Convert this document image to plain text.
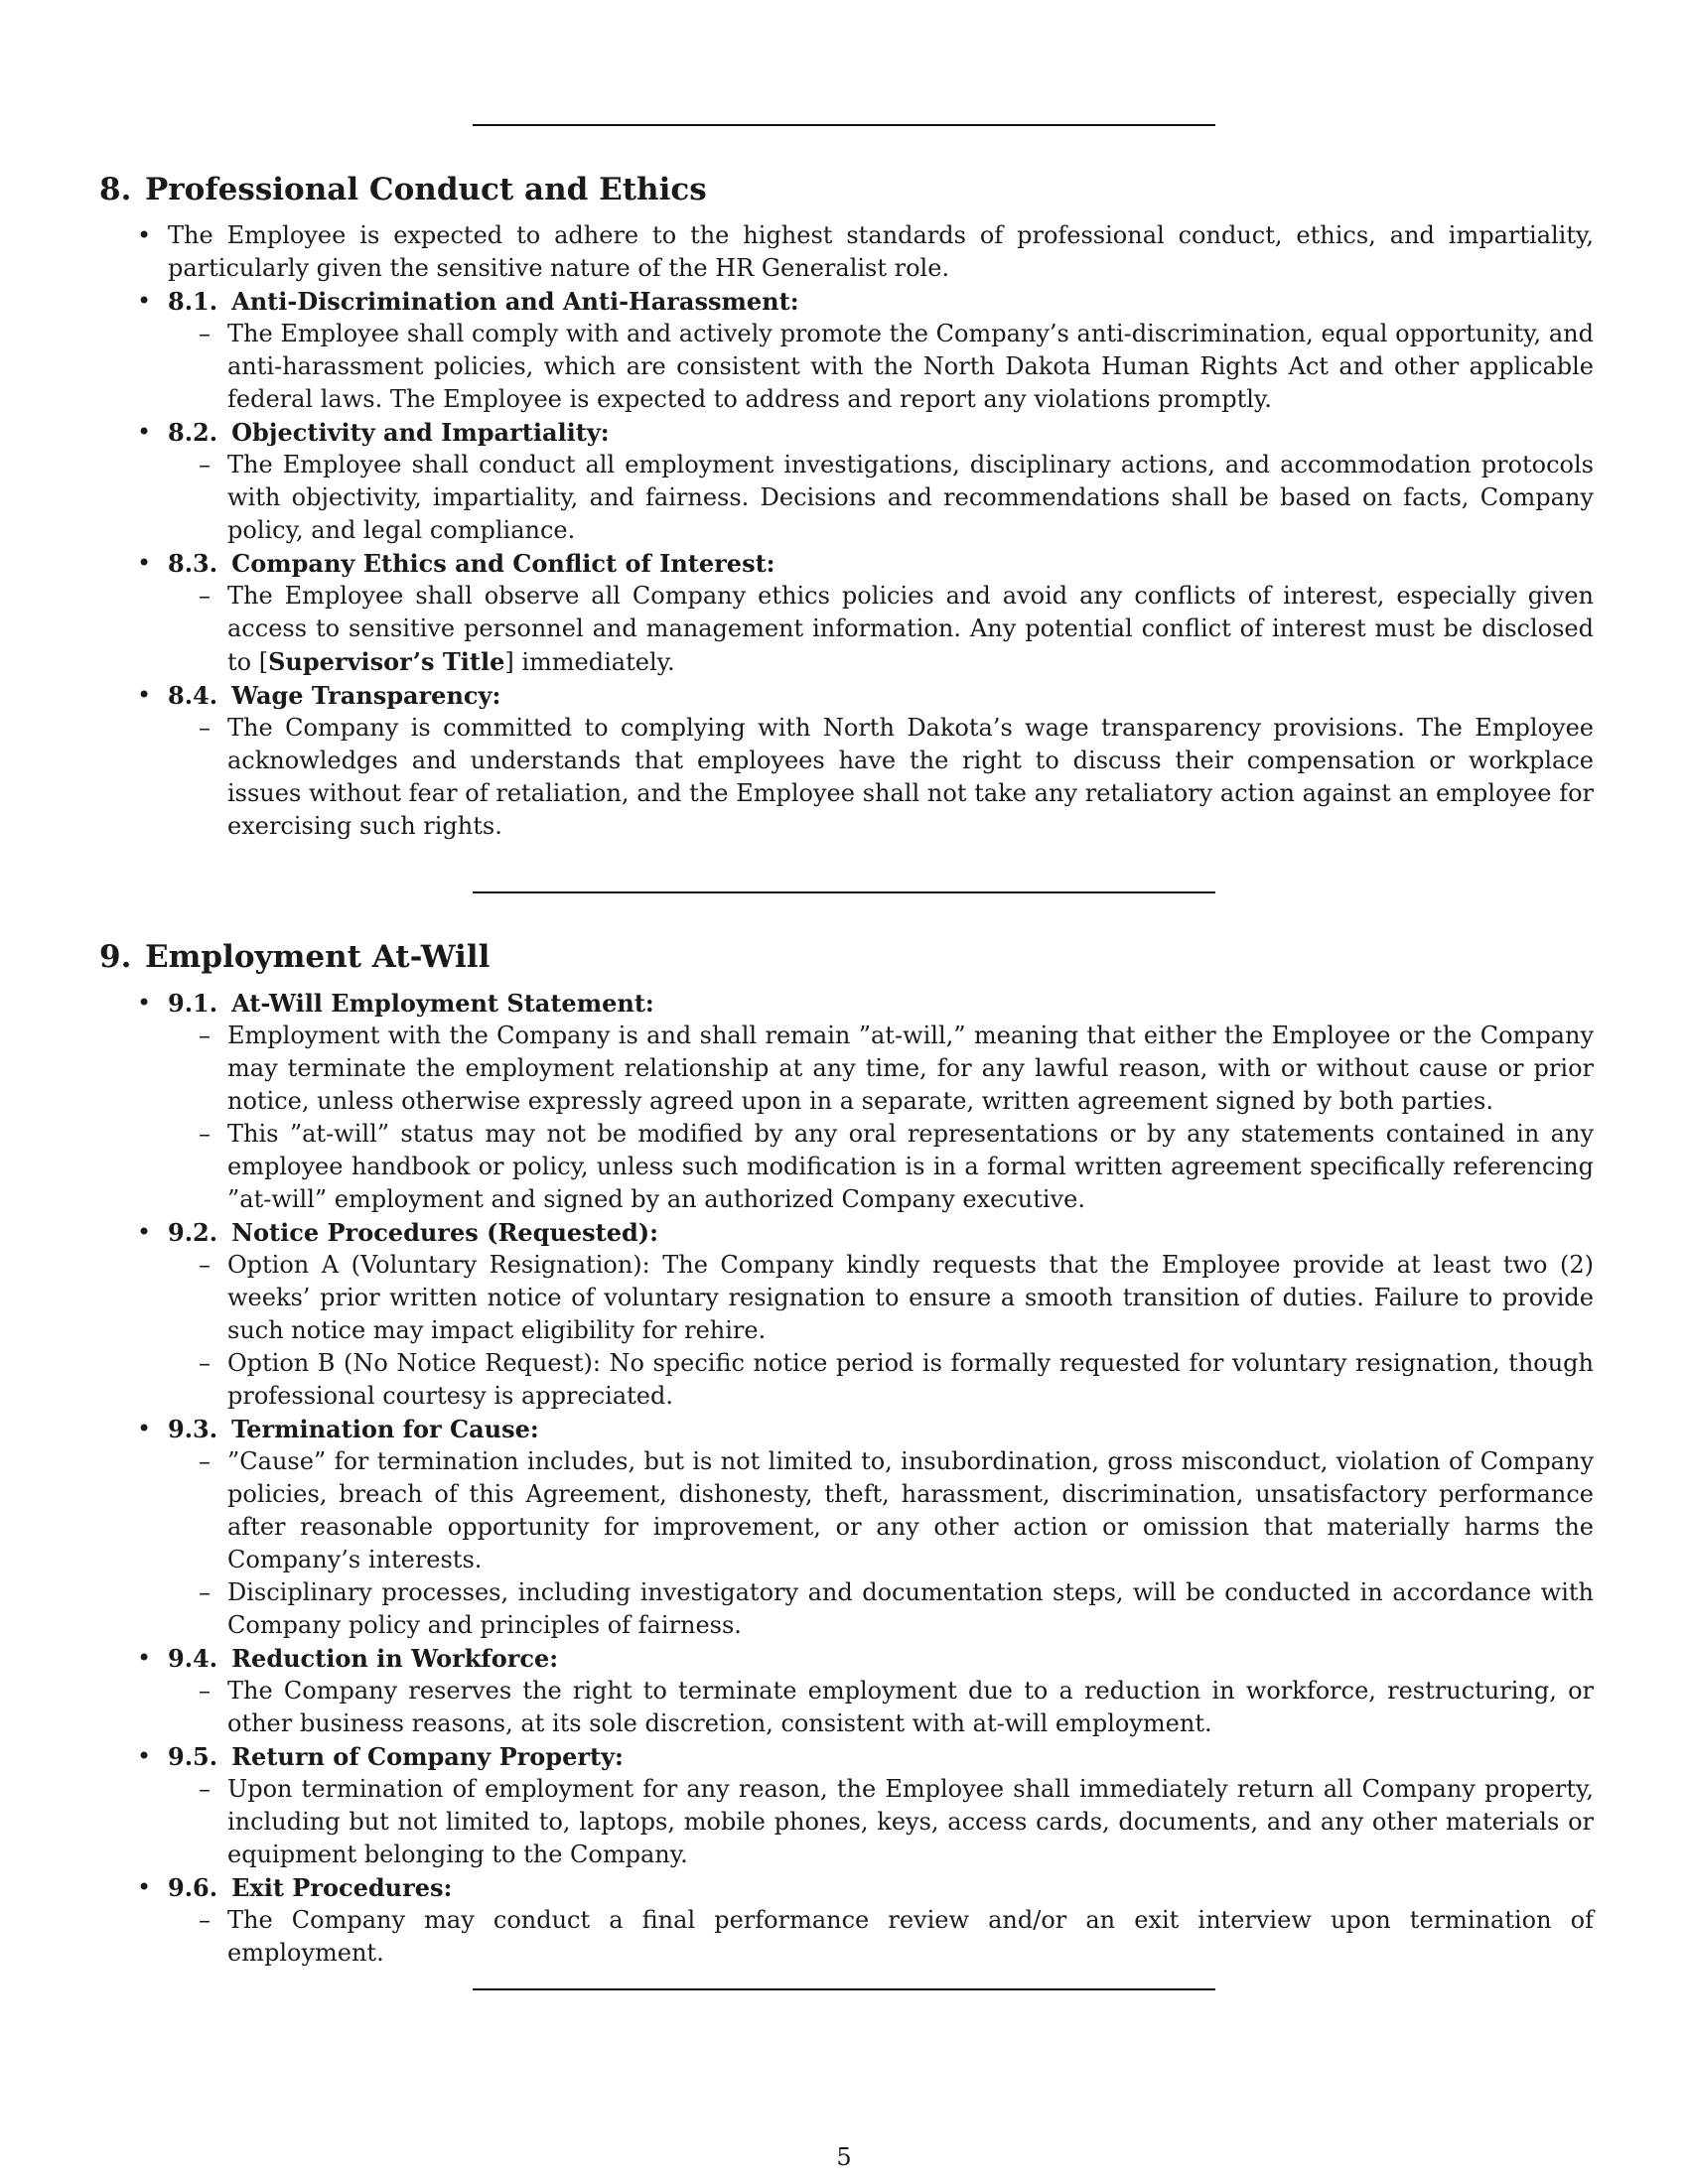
8. Professional Conduct and Ethics
• The Employee is expected to adhere to the highest standards of professional conduct, ethics, and impartiality, particularly given the sensitive nature of the HR Generalist role.
• 8.1. Anti-Discrimination and Anti-Harassment:
– The Employee shall comply with and actively promote the Company’s anti-discrimination, equal opportunity, and anti-harassment policies, which are consistent with the North Dakota Human Rights Act and other applicable federal laws. The Employee is expected to address and report any violations promptly.
• 8.2. Objectivity and Impartiality:
– The Employee shall conduct all employment investigations, disciplinary actions, and accommodation protocols with objectivity, impartiality, and fairness. Decisions and recommendations shall be based on facts, Company policy, and legal compliance.
• 8.3. Company Ethics and Conflict of Interest:
– The Employee shall observe all Company ethics policies and avoid any conflicts of interest, especially given access to sensitive personnel and management information. Any potential conflict of interest must be disclosed to [Supervisor’s Title] immediately.
• 8.4. Wage Transparency:
– The Company is committed to complying with North Dakota’s wage transparency provisions. The Employee acknowledges and understands that employees have the right to discuss their compensation or workplace issues without fear of retaliation, and the Employee shall not take any retaliatory action against an employee for exercising such rights.
9. Employment At-Will
• 9.1. At-Will Employment Statement:
– Employment with the Company is and shall remain ”at-will,” meaning that either the Employee or the Company may terminate the employment relationship at any time, for any lawful reason, with or without cause or prior notice, unless otherwise expressly agreed upon in a separate, written agreement signed by both parties.
– This ”at-will” status may not be modified by any oral representations or by any statements contained in any employee handbook or policy, unless such modification is in a formal written agreement specifically referencing ”at-will” employment and signed by an authorized Company executive.
• 9.2. Notice Procedures (Requested):
– Option A (Voluntary Resignation): The Company kindly requests that the Employee provide at least two (2) weeks’ prior written notice of voluntary resignation to ensure a smooth transition of duties. Failure to provide such notice may impact eligibility for rehire.
– Option B (No Notice Request): No specific notice period is formally requested for voluntary resignation, though professional courtesy is appreciated.
• 9.3. Termination for Cause:
– ”Cause” for termination includes, but is not limited to, insubordination, gross misconduct, violation of Company policies, breach of this Agreement, dishonesty, theft, harassment, discrimination, unsatisfactory performance after reasonable opportunity for improvement, or any other action or omission that materially harms the Company’s interests.
– Disciplinary processes, including investigatory and documentation steps, will be conducted in accordance with Company policy and principles of fairness.
• 9.4. Reduction in Workforce:
– The Company reserves the right to terminate employment due to a reduction in workforce, restructuring, or other business reasons, at its sole discretion, consistent with at-will employment.
• 9.5. Return of Company Property:
– Upon termination of employment for any reason, the Employee shall immediately return all Company property, including but not limited to, laptops, mobile phones, keys, access cards, documents, and any other materials or equipment belonging to the Company.
• 9.6. Exit Procedures:
– The Company may conduct a final performance review and/or an exit interview upon termination of employment.
5
